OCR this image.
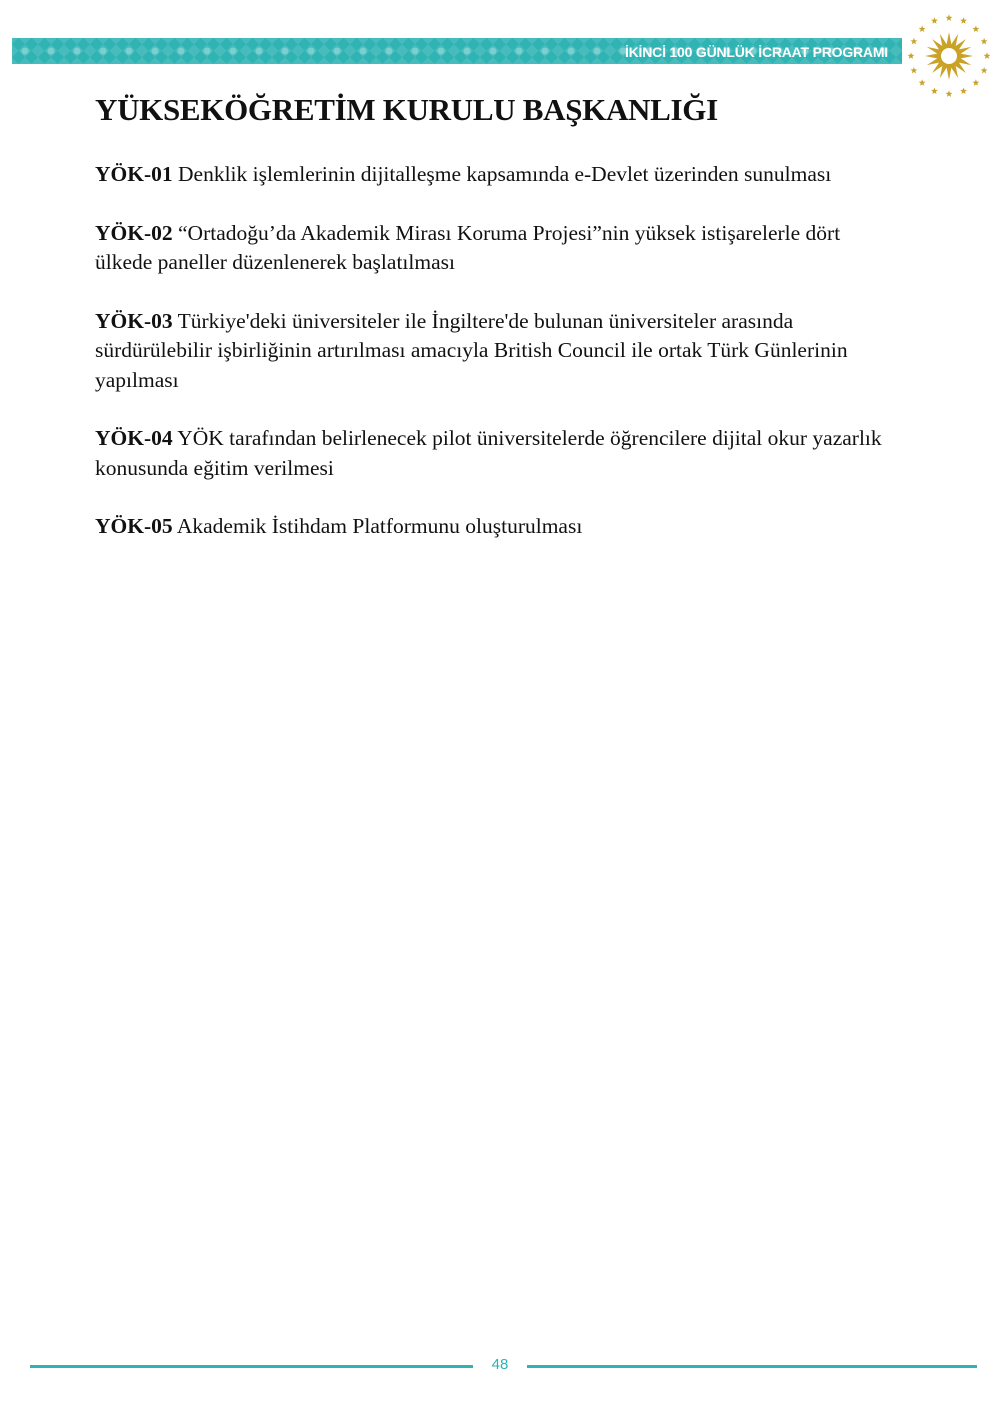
İKİNCİ 100 GÜNLÜK İCRAAT PROGRAMI
YÜKSEKÖĞRETİM KURULU BAŞKANLIĞI

YÖK-01 Denklik işlemlerinin dijitalleşme kapsamında e-Devlet üzerinden sunulması

YÖK-02 “Ortadoğu’da Akademik Mirası Koruma Projesi”nin yüksek istişarelerle dört ülkede paneller düzenlenerek başlatılması

YÖK-03 Türkiye'deki üniversiteler ile İngiltere'de bulunan üniversiteler arasında sürdürülebilir işbirliğinin artırılması amacıyla British Council ile ortak Türk Günlerinin yapılması

YÖK-04 YÖK tarafından belirlenecek pilot üniversitelerde öğrencilere dijital okur yazarlık konusunda eğitim verilmesi

YÖK-05 Akademik İstihdam Platformunu oluşturulması

48
